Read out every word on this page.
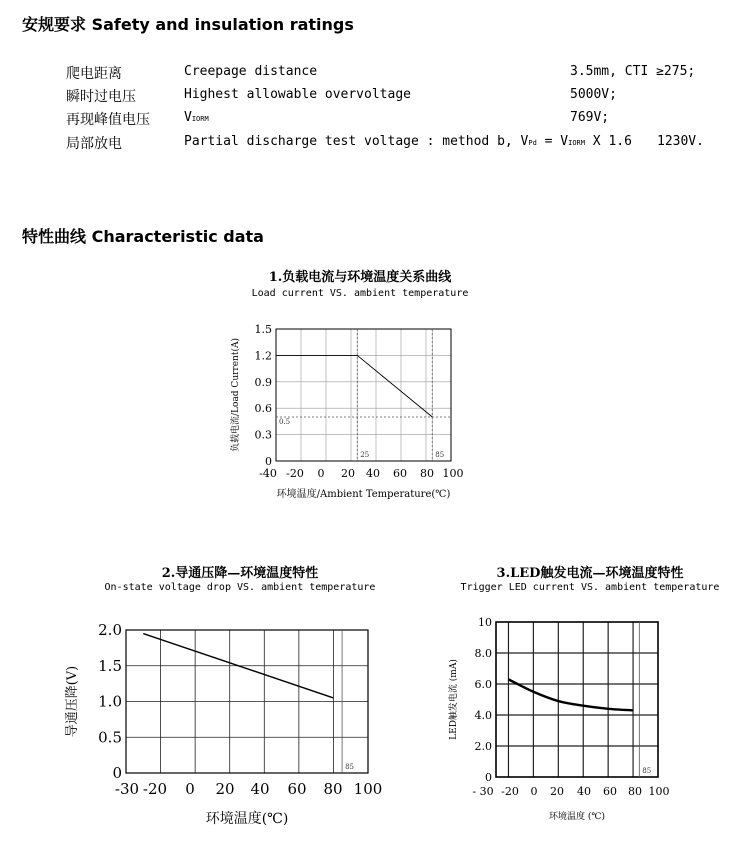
安规要求 Safety and insulation ratings
爬电距离	Creepage distance	3.5mm, CTI ≥275;
瞬时过电压	Highest allowable overvoltage	5000V;
再现峰值电压	VIORM	769V;
局部放电	Partial discharge test voltage : method b, VPd = VIORM X 1.6 1230V.
特性曲线 Characteristic data
1.负载电流与环境温度关系曲线
Load current VS. ambient temperature
25	85
0.5
0
0.3
0.6
0.9
1.2
1.5
-40 -20 0 20 40 60 80 100
环境温度/Ambient Temperature(℃)
负载电流/Load Current(A)
85
0
0.5
1.0
1.5
2.0
-30 -20 0 20 40 60 80 100
环境温度(℃)
导通压降(V)
85
0
2.0
4.0
6.0
8.0
10
- 30 -20 0 20 40 60 80 100
环境温度 (℃)
LED触发电流 (mA)
2.导通压降—环境温度特性
On-state voltage drop VS. ambient temperature
3.LED触发电流—环境温度特性
Trigger LED current VS. ambient temperature
